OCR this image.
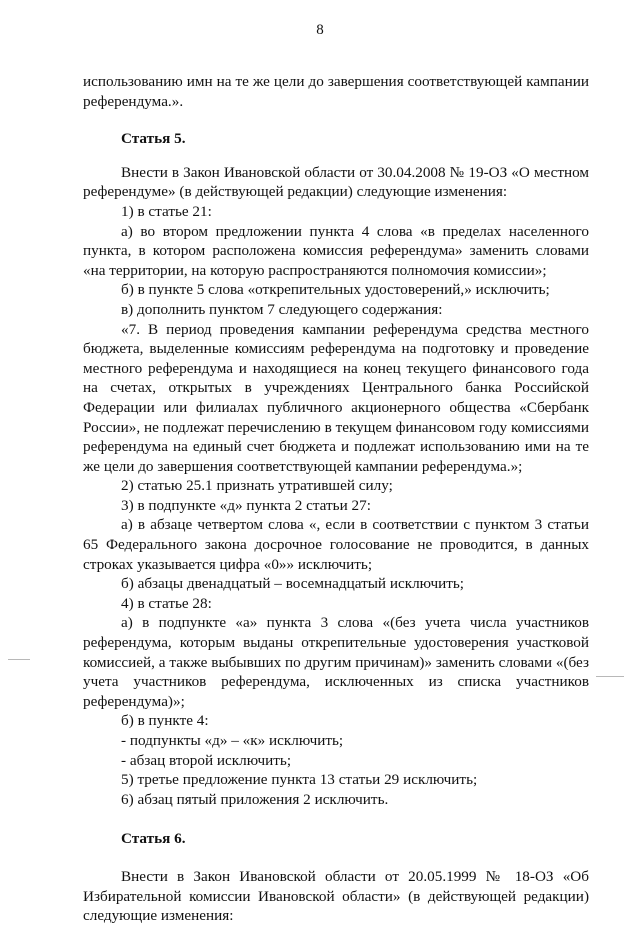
8

использованию имн на те же цели до завершения соответствующей кампании референдума.».

Статья 5.

Внести в Закон Ивановской области от 30.04.2008 № 19-ОЗ «О местном референдуме» (в действующей редакции) следующие изменения:

1) в статье 21:

а) во втором предложении пункта 4 слова «в пределах населенного пункта, в котором расположена комиссия референдума» заменить словами «на территории, на которую распространяются полномочия комиссии»;

б) в пункте 5 слова «открепительных удостоверений,» исключить;

в) дополнить пунктом 7 следующего содержания:

«7. В период проведения кампании референдума средства местного бюджета, выделенные комиссиям референдума на подготовку и проведение местного референдума и находящиеся на конец текущего финансового года на счетах, открытых в учреждениях Центрального банка Российской Федерации или филиалах публичного акционерного общества «Сбербанк России», не подлежат перечислению в текущем финансовом году комиссиями референдума на единый счет бюджета и подлежат использованию ими на те же цели до завершения соответствующей кампании референдума.»;

2) статью 25.1 признать утратившей силу;

3) в подпункте «д» пункта 2 статьи 27:

а) в абзаце четвертом слова «, если в соответствии с пунктом 3 статьи 65 Федерального закона досрочное голосование не проводится, в данных строках указывается цифра «0»» исключить;

б) абзацы двенадцатый – восемнадцатый исключить;

4) в статье 28:

а) в подпункте «а» пункта 3 слова «(без учета числа участников референдума, которым выданы открепительные удостоверения участковой комиссией, а также выбывших по другим причинам)» заменить словами «(без учета участников референдума, исключенных из списка участников референдума)»;

б) в пункте 4:

- подпункты «д» – «к» исключить;

- абзац второй исключить;

5) третье предложение пункта 13 статьи 29 исключить;

6) абзац пятый приложения 2 исключить.

Статья 6.

Внести в Закон Ивановской области от 20.05.1999 № 18-ОЗ «Об Избирательной комиссии Ивановской области» (в действующей редакции) следующие изменения:
